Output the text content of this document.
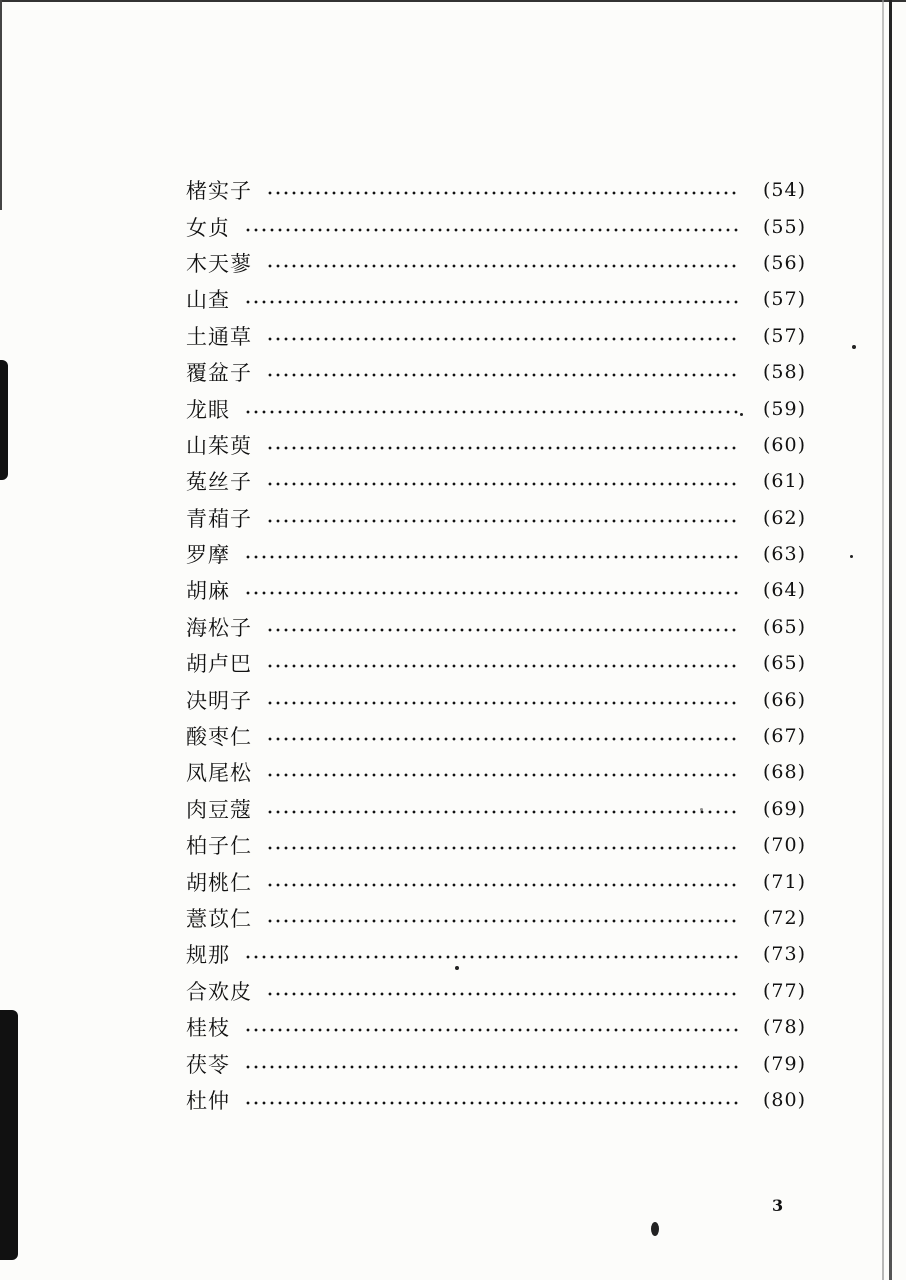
楮实子	(54)
女贞	(55)
木天蓼	(56)
山查	(57)
土通草	(57)
覆盆子	(58)
龙眼	(59)
山茱萸	(60)
菟丝子	(61)
青葙子	(62)
罗摩	(63)
胡麻	(64)
海松子	(65)
胡卢巴	(65)
决明子	(66)
酸枣仁	(67)
凤尾松	(68)
肉豆蔻	(69)
柏子仁	(70)
胡桃仁	(71)
薏苡仁	(72)
规那	(73)
合欢皮	(77)
桂枝	(78)
茯苓	(79)
杜仲	(80)
3
